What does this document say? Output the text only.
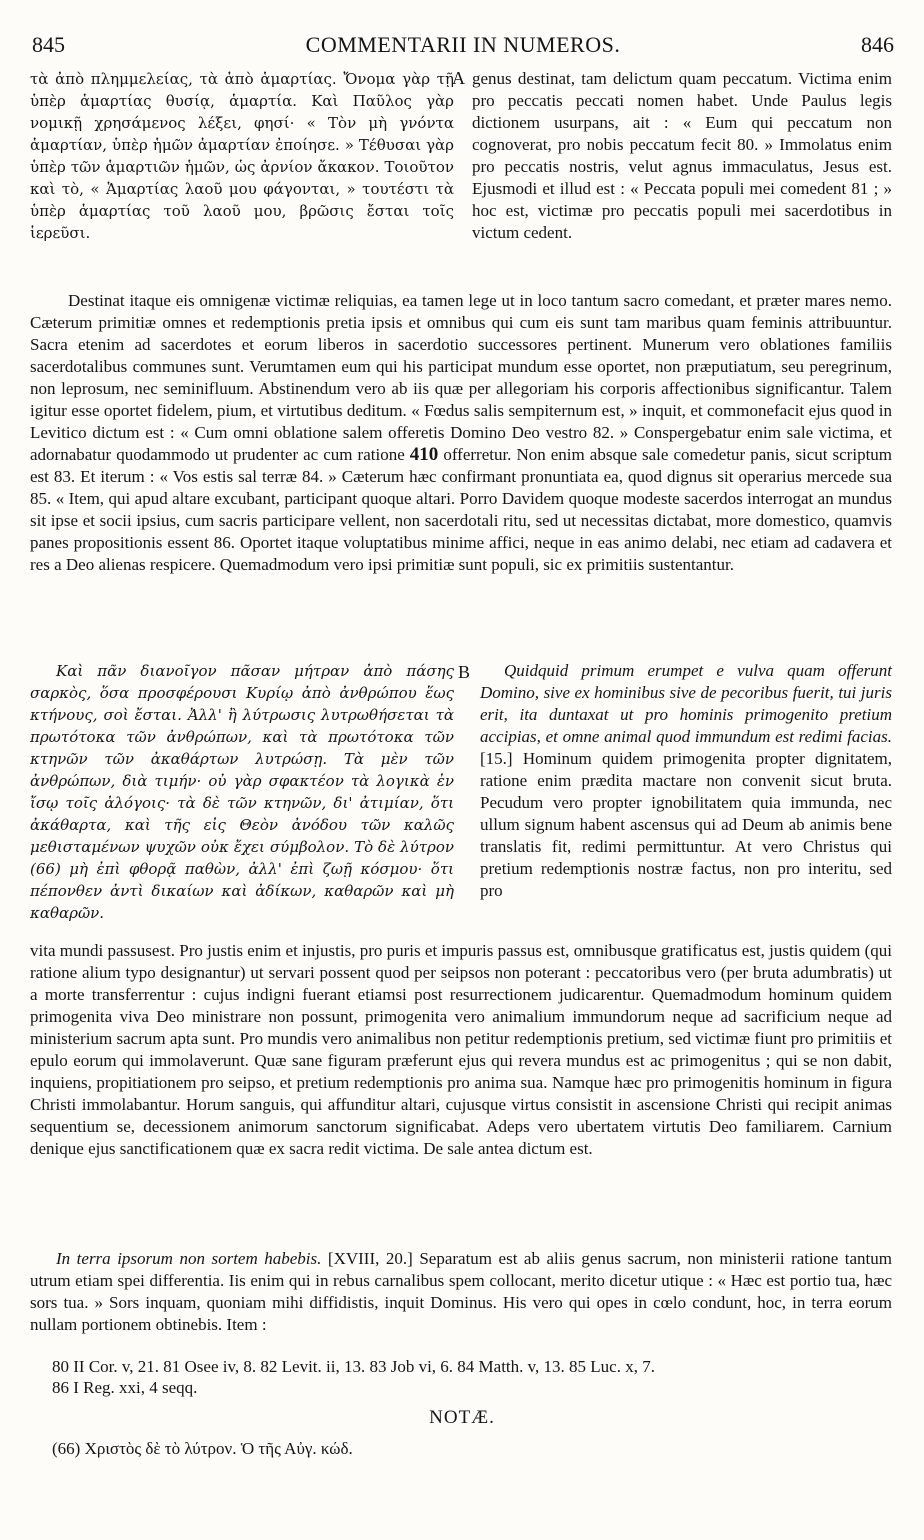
845	COMMENTARII IN NUMEROS.	846

τὰ ἀπὸ πλημμελείας, τὰ ἀπὸ ἁμαρτίας. Ὄνομα γὰρ τῇ ὑπὲρ ἁμαρτίας θυσίᾳ, ἁμαρτία. Καὶ Παῦλος γὰρ νομικῇ χρησάμενος λέξει, φησί· « Τὸν μὴ γνόντα ἁμαρτίαν, ὑπὲρ ἡμῶν ἁμαρτίαν ἐποίησε. » Τέθυσαι γὰρ ὑπὲρ τῶν ἁμαρτιῶν ἡμῶν, ὡς ἀρνίον ἄκακον. Τοιοῦτον καὶ τὸ, « Ἁμαρτίας λαοῦ μου φάγονται, » τουτέστι τὰ ὑπὲρ ἁμαρτίας τοῦ λαοῦ μου, βρῶσις ἔσται τοῖς ἱερεῦσι.

A genus destinat, tam delictum quam peccatum. Victima enim pro peccatis peccati nomen habet. Unde Paulus legis dictionem usurpans, ait : « Eum qui peccatum non cognoverat, pro nobis peccatum fecit 80. » Immolatus enim pro peccatis nostris, velut agnus immaculatus, Jesus est. Ejusmodi et illud est : « Peccata populi mei comedent 81 ; » hoc est, victimæ pro peccatis populi mei sacerdotibus in victum cedent.

Destinat itaque eis omnigenæ victimæ reliquias, ea tamen lege ut in loco tantum sacro comedant, et præter mares nemo. Cæterum primitiæ omnes et redemptionis pretia ipsis et omnibus qui cum eis sunt tam maribus quam feminis attribuuntur. Sacra etenim ad sacerdotes et eorum liberos in sacerdotio successores pertinent. Munerum vero oblationes familiis sacerdotalibus communes sunt. Verumtamen eum qui his participat mundum esse oportet, non præputiatum, seu peregrinum, non leprosum, nec seminifluum. Abstinendum vero ab iis quæ per allegoriam his corporis affectionibus significantur. Talem igitur esse oportet fidelem, pium, et virtutibus deditum. « Fœdus salis sempiternum est, » inquit, et commonefacit ejus quod in Levitico dictum est : « Cum omni oblatione salem offeretis Domino Deo vestro 82. » Conspergebatur enim sale victima, et adornabatur quodammodo ut prudenter ac cum ratione 410 offerretur. Non enim absque sale comedetur panis, sicut scriptum est 83. Et iterum : « Vos estis sal terræ 84. » Cæterum hæc confirmant pronuntiata ea, quod dignus sit operarius mercede sua 85. « Item, qui apud altare excubant, participant quoque altari. Porro Davidem quoque modeste sacerdos interrogat an mundus sit ipse et socii ipsius, cum sacris participare vellent, non sacerdotali ritu, sed ut necessitas dictabat, more domestico, quamvis panes propositionis essent 86. Oportet itaque voluptatibus minime affici, neque in eas animo delabi, nec etiam ad cadavera et res a Deo alienas respicere. Quemadmodum vero ipsi primitiæ sunt populi, sic ex primitiis sustentantur.

Καὶ πᾶν διανοῖγον πᾶσαν μήτραν ἀπὸ πάσης σαρκὸς, ὅσα προσφέρουσι Κυρίῳ ἀπὸ ἀνθρώπου ἕως κτήνους, σοὶ ἔσται. Ἀλλ' ἢ λύτρωσις λυτρωθήσεται τὰ πρωτότοκα τῶν ἀνθρώπων, καὶ τὰ πρωτότοκα τῶν κτηνῶν τῶν ἀκαθάρτων λυτρώσῃ. Τὰ μὲν τῶν ἀνθρώπων, διὰ τιμήν· οὐ γὰρ σφακτέον τὰ λογικὰ ἐν ἴσῳ τοῖς ἀλόγοις· τὰ δὲ τῶν κτηνῶν, δι' ἀτιμίαν, ὅτι ἀκάθαρτα, καὶ τῆς εἰς Θεὸν ἀνόδου τῶν καλῶς μεθισταμένων ψυχῶν οὐκ ἔχει σύμβολον. Τὸ δὲ λύτρον (66) μὴ ἐπὶ φθορᾷ παθὼν, ἀλλ' ἐπὶ ζωῇ κόσμου· ὅτι πέπονθεν ἀντὶ δικαίων καὶ ἀδίκων, καθαρῶν καὶ μὴ καθαρῶν.

B	Quidquid primum erumpet e vulva quam offerunt Domino, sive ex hominibus sive de pecoribus fuerit, tui juris erit, ita duntaxat ut pro hominis primogenito pretium accipias, et omne animal quod immundum est redimi facias. [15.] Hominum quidem primogenita propter dignitatem, ratione enim prædita mactare non convenit sicut bruta. Pecudum vero propter ignobilitatem quia immunda, nec ullum signum habent ascensus qui ad Deum ab animis bene translatis fit, redimi permittuntur. At vero Christus qui pretium redemptionis nostræ factus, non pro interitu, sed pro

vita mundi passusest. Pro justis enim et injustis, pro puris et impuris passus est, omnibusque gratificatus est, justis quidem (qui ratione alium typo designantur) ut servari possent quod per seipsos non poterant : peccatoribus vero (per bruta adumbratis) ut a morte transferrentur : cujus indigni fuerant etiamsi post resurrectionem judicarentur. Quemadmodum hominum quidem primogenita viva Deo ministrare non possunt, primogenita vero animalium immundorum neque ad sacrificium neque ad ministerium sacrum apta sunt. Pro mundis vero animalibus non petitur redemptionis pretium, sed victimæ fiunt pro primitiis et epulo eorum qui immolaverunt. Quæ sane figuram præferunt ejus qui revera mundus est ac primogenitus ; qui se non dabit, inquiens, propitiationem pro seipso, et pretium redemptionis pro anima sua. Namque hæc pro primogenitis hominum in figura Christi immolabantur. Horum sanguis, qui affunditur altari, cujusque virtus consistit in ascensione Christi qui recipit animas sequentium se, decessionem animorum sanctorum significabat. Adeps vero ubertatem virtutis Deo familiarem. Carnium denique ejus sanctificationem quæ ex sacra redit victima. De sale antea dictum est.

In terra ipsorum non sortem habebis. [XVIII, 20.] Separatum est ab aliis genus sacrum, non ministerii ratione tantum utrum etiam spei differentia. Iis enim qui in rebus carnalibus spem collocant, merito dicetur utique : « Hæc est portio tua, hæc sors tua. » Sors inquam, quoniam mihi diffidistis, inquit Dominus. His vero qui opes in cœlo condunt, hoc, in terra eorum nullam portionem obtinebis. Item :

80 II Cor. v, 21. 81 Osee iv, 8. 82 Levit. ii, 13. 83 Job vi, 6. 84 Matth. v, 13. 85 Luc. x, 7.
86 I Reg. xxi, 4 seqq.
NOTÆ.
(66) Χριστὸς δὲ τὸ λύτρον. Ὁ τῆς Αὐγ. κώδ.
